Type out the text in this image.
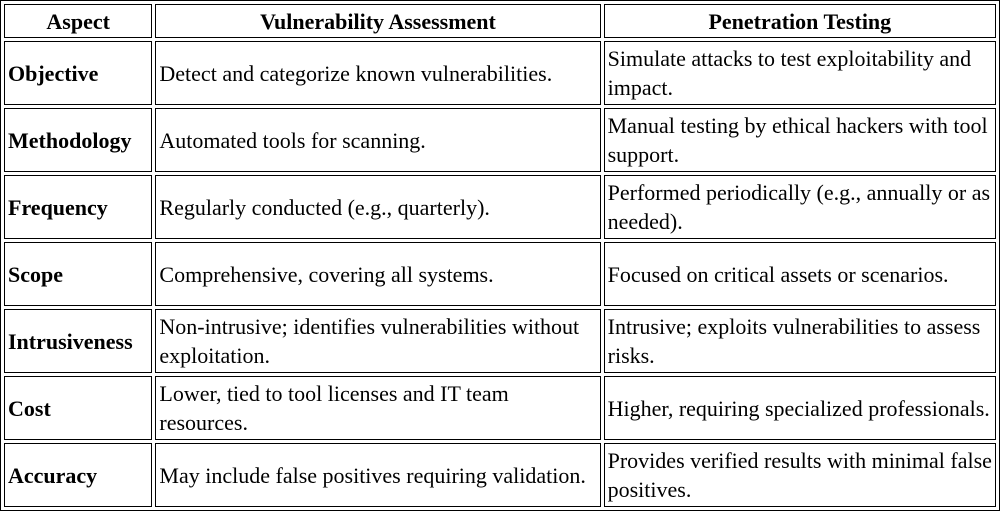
Aspect	Vulnerability Assessment	Penetration Testing
Objective	Detect and categorize known vulnerabilities.	Simulate attacks to test exploitability and impact.
Methodology	Automated tools for scanning.	Manual testing by ethical hackers with tool support.
Frequency	Regularly conducted (e.g., quarterly).	Performed periodically (e.g., annually or as needed).
Scope	Comprehensive, covering all systems.	Focused on critical assets or scenarios.
Intrusiveness	Non-intrusive; identifies vulnerabilities without exploitation.	Intrusive; exploits vulnerabilities to assess risks.
Cost	Lower, tied to tool licenses and IT team resources.	Higher, requiring specialized professionals.
Accuracy	May include false positives requiring validation.	Provides verified results with minimal false positives.
